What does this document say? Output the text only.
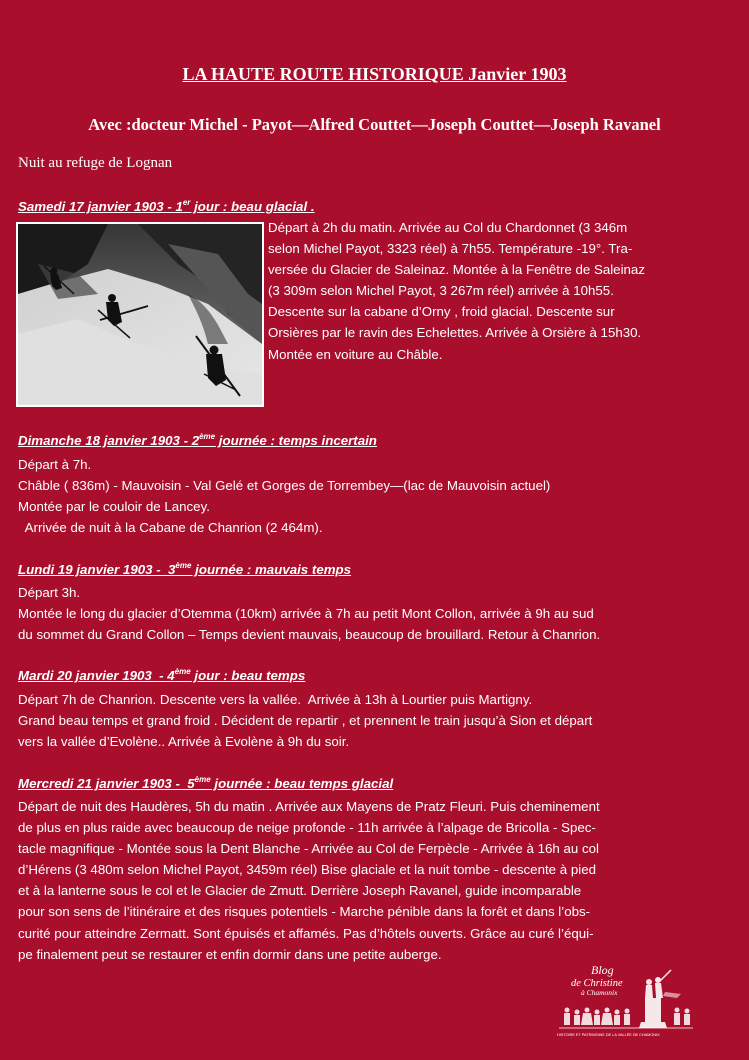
LA HAUTE ROUTE HISTORIQUE Janvier 1903
Avec :docteur Michel - Payot—Alfred Couttet—Joseph Couttet—Joseph Ravanel
Nuit au refuge de Lognan
Samedi 17 janvier 1903 - 1er jour : beau glacial .
Départ à 2h du matin. Arrivée au Col du Chardonnet (3 346m
selon Michel Payot, 3323 réel) à 7h55. Température -19°. Tra-
versée du Glacier de Saleinaz. Montée à la Fenêtre de Saleinaz
(3 309m selon Michel Payot, 3 267m réel) arrivée à 10h55.
Descente sur la cabane d’Orny , froid glacial. Descente sur
Orsières par le ravin des Echelettes. Arrivée à Orsière à 15h30.
Montée en voiture au Châble.
Dimanche 18 janvier 1903 - 2ème journée : temps incertain
Départ à 7h.
Châble ( 836m) - Mauvoisin - Val Gelé et Gorges de Torrembey—(lac de Mauvoisin actuel)
Montée par le couloir de Lancey.
Arrivée de nuit à la Cabane de Chanrion (2 464m).
Lundi 19 janvier 1903 -  3ème journée : mauvais temps
Départ 3h.
Montée le long du glacier d’Otemma (10km) arrivée à 7h au petit Mont Collon, arrivée à 9h au sud
du sommet du Grand Collon – Temps devient mauvais, beaucoup de brouillard. Retour à Chanrion.
Mardi 20 janvier 1903  - 4ème jour : beau temps
Départ 7h de Chanrion. Descente vers la vallée.  Arrivée à 13h à Lourtier puis Martigny.
Grand beau temps et grand froid . Décident de repartir , et prennent le train jusqu’à Sion et départ
vers la vallée d’Evolène.. Arrivée à Evolène à 9h du soir.
Mercredi 21 janvier 1903 -  5ème journée : beau temps glacial
Départ de nuit des Haudères, 5h du matin . Arrivée aux Mayens de Pratz Fleuri. Puis cheminement
de plus en plus raide avec beaucoup de neige profonde - 11h arrivée à l’alpage de Bricolla - Spec-
tacle magnifique - Montée sous la Dent Blanche - Arrivée au Col de Ferpècle - Arrivée à 16h au col
d’Hérens (3 480m selon Michel Payot, 3459m réel) Bise glaciale et la nuit tombe - descente à pied
et à la lanterne sous le col et le Glacier de Zmutt. Derrière Joseph Ravanel, guide incomparable
pour son sens de l’itinéraire et des risques potentiels - Marche pénible dans la forêt et dans l’obs-
curité pour atteindre Zermatt. Sont épuisés et affamés. Pas d’hôtels ouverts. Grâce au curé l’équi-
pe finalement peut se restaurer et enfin dormir dans une petite auberge.
Blog
de Christine
à Chamonix
HISTOIRE ET PATRIMOINE DE LA VALLÉE DE CHAMONIX
